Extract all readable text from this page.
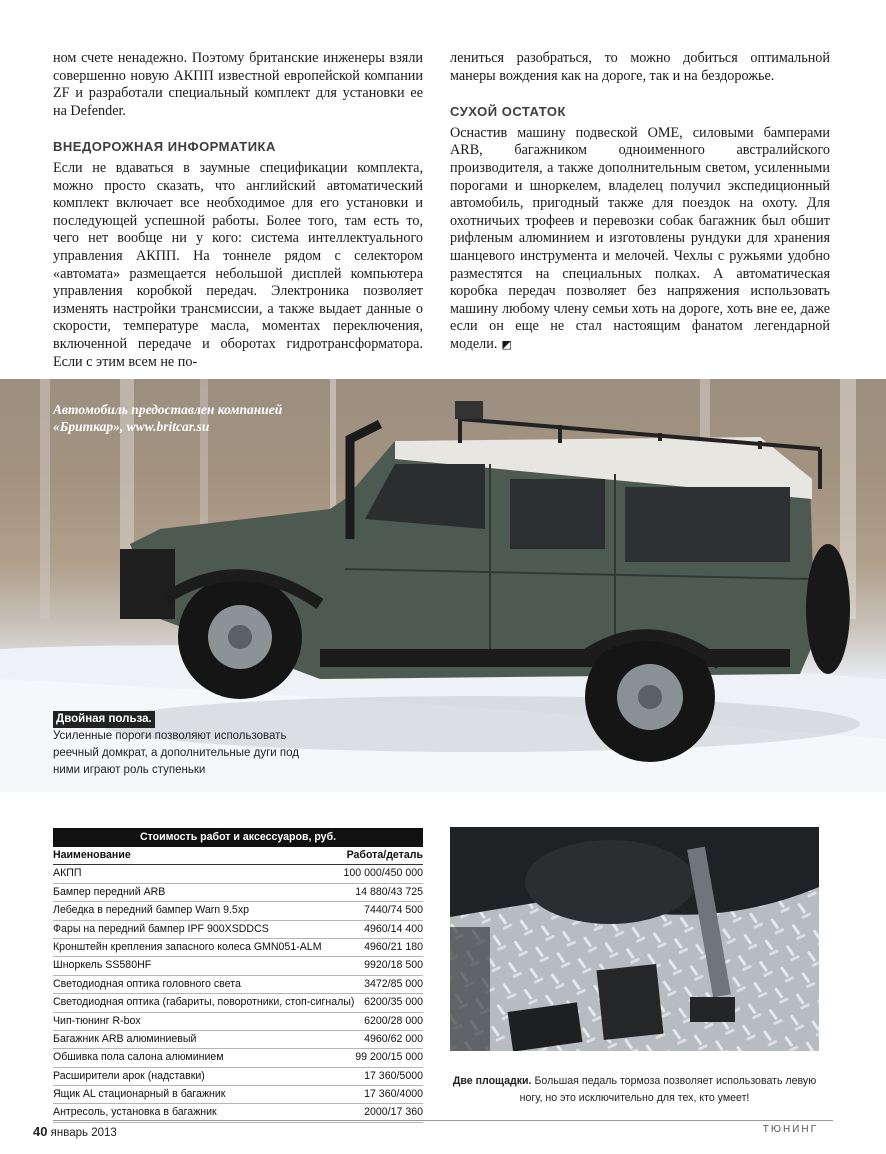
ном счете ненадежно. Поэтому британские инженеры взяли совершенно новую АКПП известной европейской компании ZF и разработали специальный комплект для установки ее на Defender.

ВНЕДОРОЖНАЯ ИНФОРМАТИКА

Если не вдаваться в заумные спецификации комплекта, можно просто сказать, что английский автоматический комплект включает все необходимое для его установки и последующей успешной работы. Более того, там есть то, чего нет вообще ни у кого: система интеллектуального управления АКПП. На тоннеле рядом с селектором «автомата» размещается небольшой дисплей компьютера управления коробкой передач. Электроника позволяет изменять настройки трансмиссии, а также выдает данные о скорости, температуре масла, моментах переключения, включенной передаче и оборотах гидротрансформатора. Если с этим всем не по-

лениться разобраться, то можно добиться оптимальной манеры вождения как на дороге, так и на бездорожье.

СУХОЙ ОСТАТОК

Оснастив машину подвеской OME, силовыми бамперами ARB, багажником одноименного австралийского производителя, а также дополнительным светом, усиленными порогами и шноркелем, владелец получил экспедиционный автомобиль, пригодный также для поездок на охоту. Для охотничьих трофеев и перевозки собак багажник был обшит рифленым алюминием и изготовлены рундуки для хранения шанцевого инструмента и мелочей. Чехлы с ружьями удобно разместятся на специальных полках. А автоматическая коробка передач позволяет без напряжения использовать машину любому члену семьи хоть на дороге, хоть вне ее, даже если он еще не стал настоящим фанатом легендарной модели. ◩

Автомобиль предоставлен компанией «Бриткар», www.britcar.su
Двойная польза.
Усиленные пороги позволяют использовать реечный домкрат, а дополнительные дуги под ними играют роль ступеньки
Стоимость работ и аксессуаров, руб.
Наименование	Работа/деталь
АКПП	100 000/450 000
Бампер передний ARB	14 880/43 725
Лебедка в передний бампер Warn 9.5xp	7440/74 500
Фары на передний бампер IPF 900XSDDCS	4960/14 400
Кронштейн крепления запасного колеса GMN051-ALM	4960/21 180
Шноркель SS580HF	9920/18 500
Светодиодная оптика головного света	3472/85 000
Светодиодная оптика (габариты, поворотники, стоп-сигналы) 6200/35 000
Чип-тюнинг R-box	6200/28 000
Багажник ARB алюминиевый	4960/62 000
Обшивка пола салона алюминием	99 200/15 000
Расширители арок (надставки)	17 360/5000
Ящик AL стационарный в багажник	17 360/4000
Антресоль, установка в багажник	2000/17 360
Две площадки. Большая педаль тормоза позволяет использовать левую ногу, но это исключительно для тех, кто умеет!
40 январь 2013	ТЮНИНГ
